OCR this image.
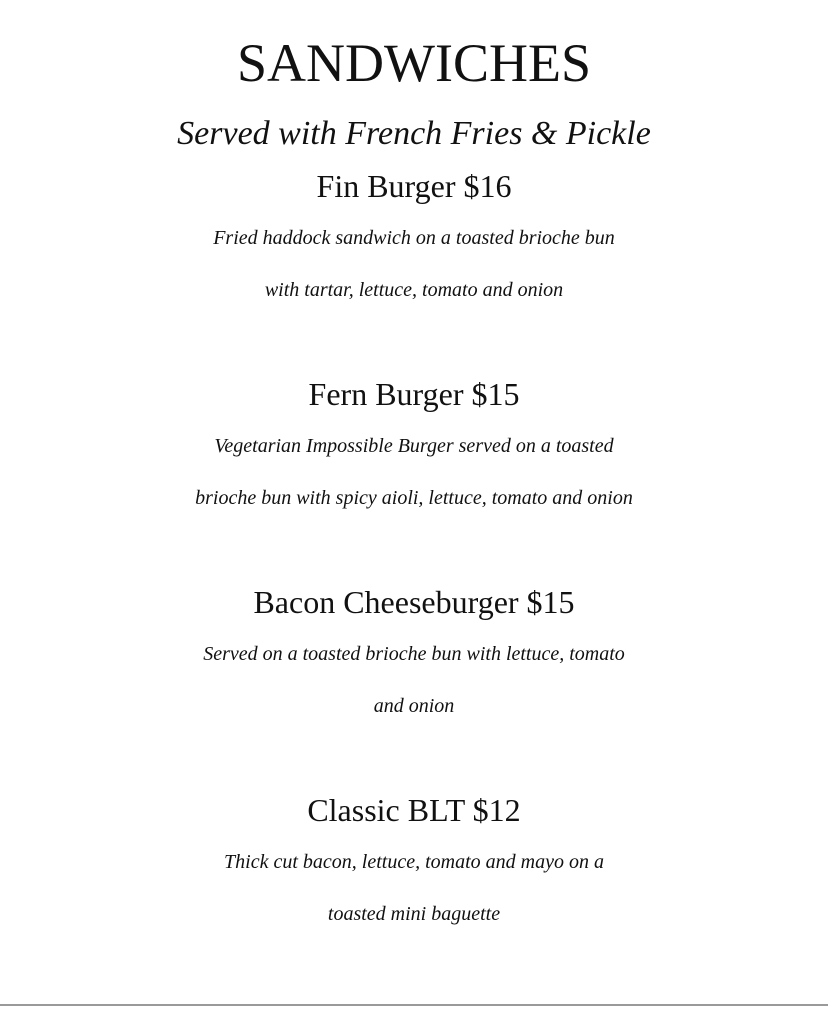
SANDWICHES
Served with French Fries & Pickle
Fin Burger $16
Fried haddock sandwich on a toasted brioche bun
with tartar, lettuce, tomato and onion
Fern Burger $15
Vegetarian Impossible Burger served on a toasted
brioche bun with spicy aioli, lettuce, tomato and onion
Bacon Cheeseburger $15
Served on a toasted brioche bun with lettuce, tomato
and onion
Classic BLT $12
Thick cut bacon, lettuce, tomato and mayo on a
toasted mini baguette
